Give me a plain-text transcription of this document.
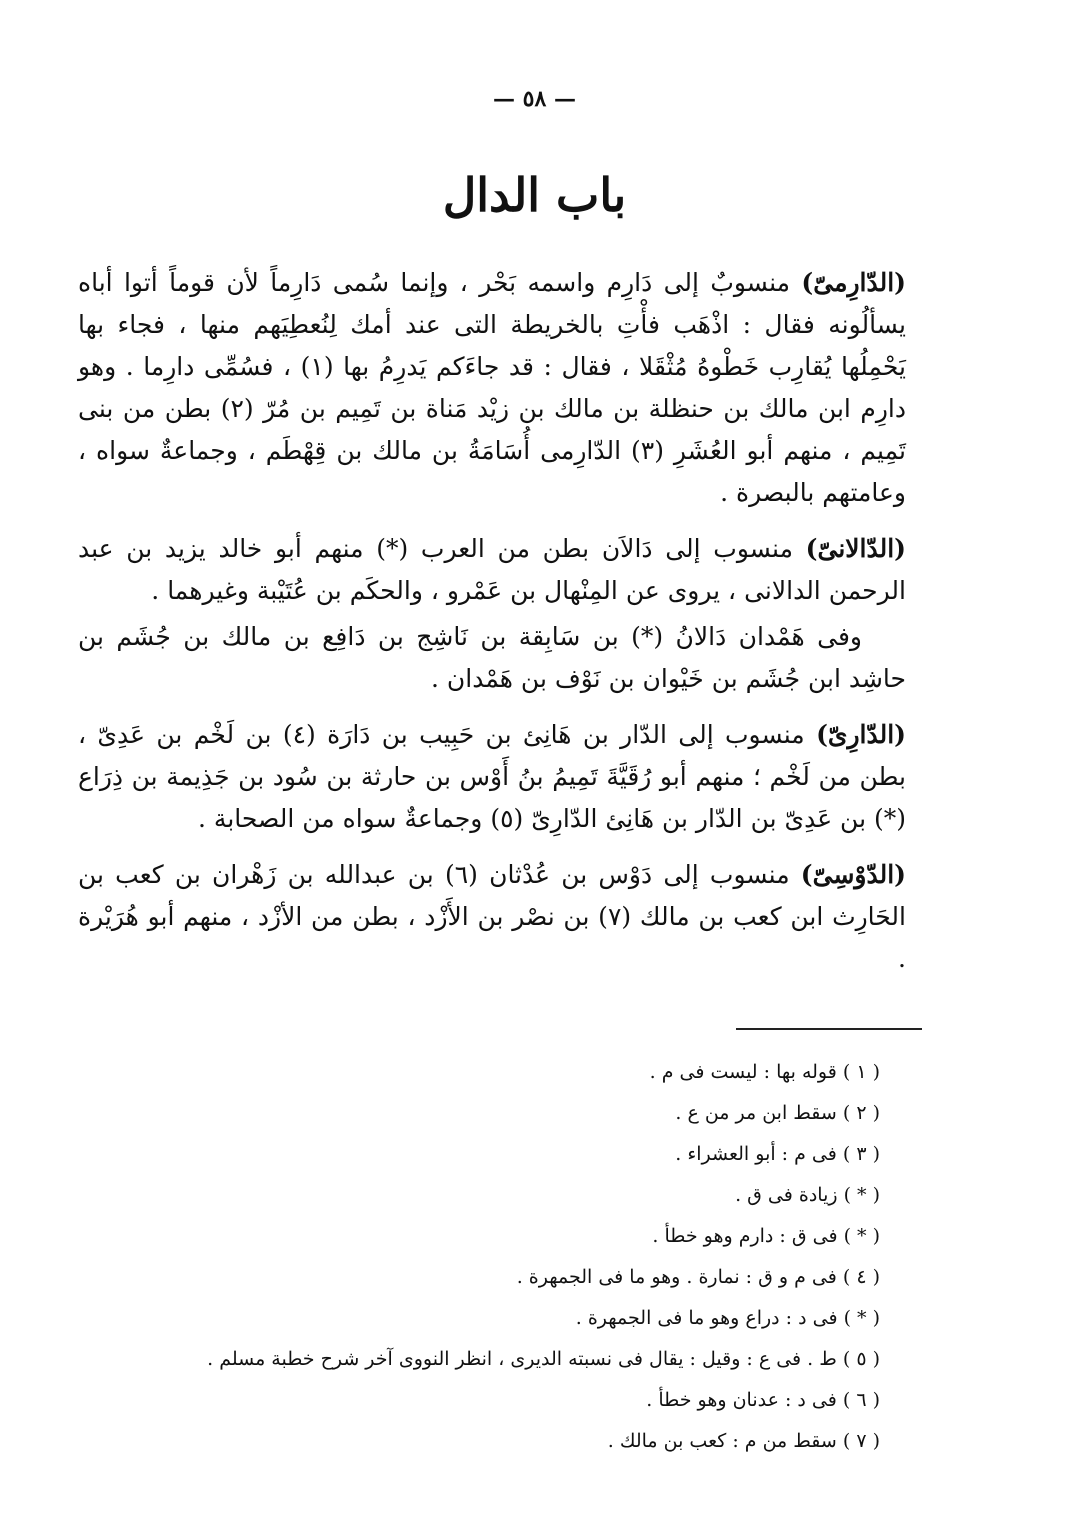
— ٥٨ —
باب الدال

(الدّارِمىّ) منسوبٌ إلى دَارِم واسمه بَحْر ، وإنما سُمى دَارِماً لأن قوماً أتوا أباه يسألُونه فقال : اذْهَب فأْتِ بالخريطة التى عند أمك لِنُعطِيَهم منها ، فجاء بها يَحْمِلُها يُقارِب خَطْوهُ مُثْقَلا ، فقال : قد جاءَكم يَدرِمُ بها (١) ، فسُمِّى دارِما . وهو دارِم ابن مالك بن حنظلة بن مالك بن زيْد مَناة بن تَمِيم بن مُرّ (٢) بطن من بنى تَمِيم ، منهم أبو العُشَرِ (٣) الدّارِمى أُسَامَةُ بن مالك بن قِهْطَم ، وجماعةٌ سواه ، وعامتهم بالبصرة .

(الدّالانىّ) منسوب إلى دَالاَن بطن من العرب (*) منهم أبو خالد يزيد بن عبد الرحمن الدالانى ، يروى عن المِنْهال بن عَمْرو ، والحكَم بن عُتَيْبة وغيرهما .

وفى هَمْدان دَالانُ (*) بن سَابِقة بن نَاشِج بن دَافِع بن مالك بن جُشَم بن حاشِد ابن جُشَم بن خَيْوان بن نَوْف بن هَمْدان .

(الدّارِىّ) منسوب إلى الدّار بن هَانِئ بن حَبِيب بن دَارَة (٤) بن لَخْم بن عَدِىّ ، بطن من لَخْم ؛ منهم أبو رُقَيَّةَ تَمِيمُ بنُ أَوْس بن حارثة بن سُود بن جَذِيمة بن ذِرَاع (*) بن عَدِىّ بن الدّار بن هَانِئ الدّارِىّ (٥) وجماعةٌ سواه من الصحابة .

(الدّوْسِىّ) منسوب إلى دَوْس بن عُدْثان (٦) بن عبدالله بن زَهْران بن كعب بن الحَارِث ابن كعب بن مالك (٧) بن نصْر بن الأَزْد ، بطن من الأزْد ، منهم أبو هُرَيْرة .

( ١ ) قوله بها : ليست فى م .
( ٢ ) سقط ابن مر من ع .
( ٣ ) فى م : أبو العشراء .
( * ) زيادة فى ق .
( * ) فى ق : دارم وهو خطأ .
( ٤ ) فى م و ق : نمارة . وهو ما فى الجمهرة .
( * ) فى د : دراع وهو ما فى الجمهرة .
( ٥ ) ط . فى ع : وقيل : يقال فى نسبته الديرى ، انظر النووى آخر شرح خطبة مسلم .
( ٦ ) فى د : عدنان وهو خطأ .
( ٧ ) سقط من م : كعب بن مالك .
